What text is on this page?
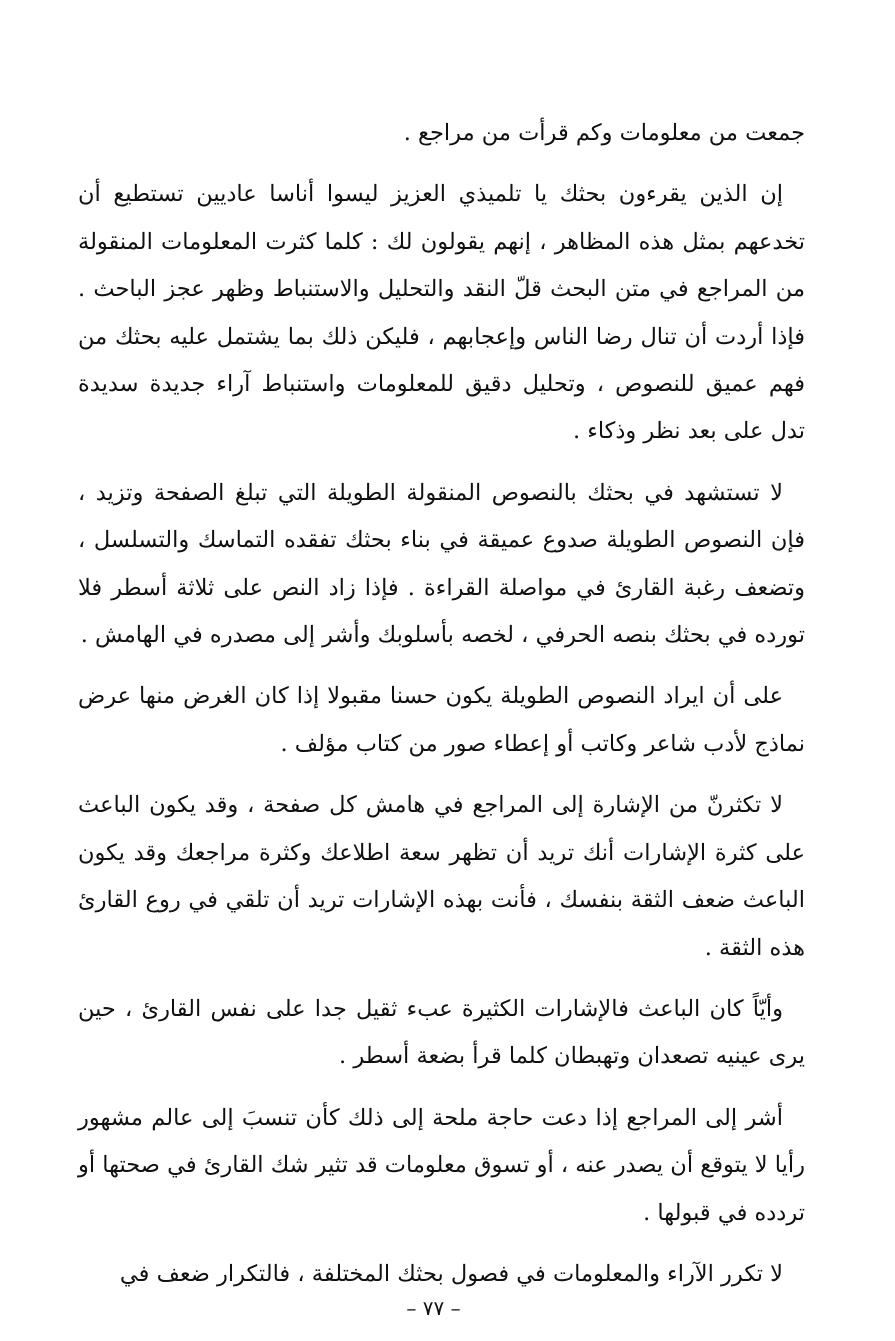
جمعت من معلومات وكم قرأت من مراجع .

إن الذين يقرءون بحثك يا تلميذي العزيز ليسوا أناسا عاديين تستطيع أن تخدعهم بمثل هذه المظاهر ، إنهم يقولون لك : كلما كثرت المعلومات المنقولة من المراجع في متن البحث قلّ النقد والتحليل والاستنباط وظهر عجز الباحث . فإذا أردت أن تنال رضا الناس وإعجابهم ، فليكن ذلك بما يشتمل عليه بحثك من فهم عميق للنصوص ، وتحليل دقيق للمعلومات واستنباط آراء جديدة سديدة تدل على بعد نظر وذكاء .

لا تستشهد في بحثك بالنصوص المنقولة الطويلة التي تبلغ الصفحة وتزيد ، فإن النصوص الطويلة صدوع عميقة في بناء بحثك تفقده التماسك والتسلسل ، وتضعف رغبة القارئ في مواصلة القراءة . فإذا زاد النص على ثلاثة أسطر فلا تورده في بحثك بنصه الحرفي ، لخصه بأسلوبك وأشر إلى مصدره في الهامش .

على أن ايراد النصوص الطويلة يكون حسنا مقبولا إذا كان الغرض منها عرض نماذج لأدب شاعر وكاتب أو إعطاء صور من كتاب مؤلف .

لا تكثرنّ من الإشارة إلى المراجع في هامش كل صفحة ، وقد يكون الباعث على كثرة الإشارات أنك تريد أن تظهر سعة اطلاعك وكثرة مراجعك وقد يكون الباعث ضعف الثقة بنفسك ، فأنت بهذه الإشارات تريد أن تلقي في روع القارئ هذه الثقة .

وأيّاً كان الباعث فالإشارات الكثيرة عبء ثقيل جدا على نفس القارئ ، حين يرى عينيه تصعدان وتهبطان كلما قرأ بضعة أسطر .

أشر إلى المراجع إذا دعت حاجة ملحة إلى ذلك كأن تنسبَ إلى عالم مشهور رأيا لا يتوقع أن يصدر عنه ، أو تسوق معلومات قد تثير شك القارئ في صحتها أو تردده في قبولها .

لا تكرر الآراء والمعلومات في فصول بحثك المختلفة ، فالتكرار ضعف في

– ٧٧ –
